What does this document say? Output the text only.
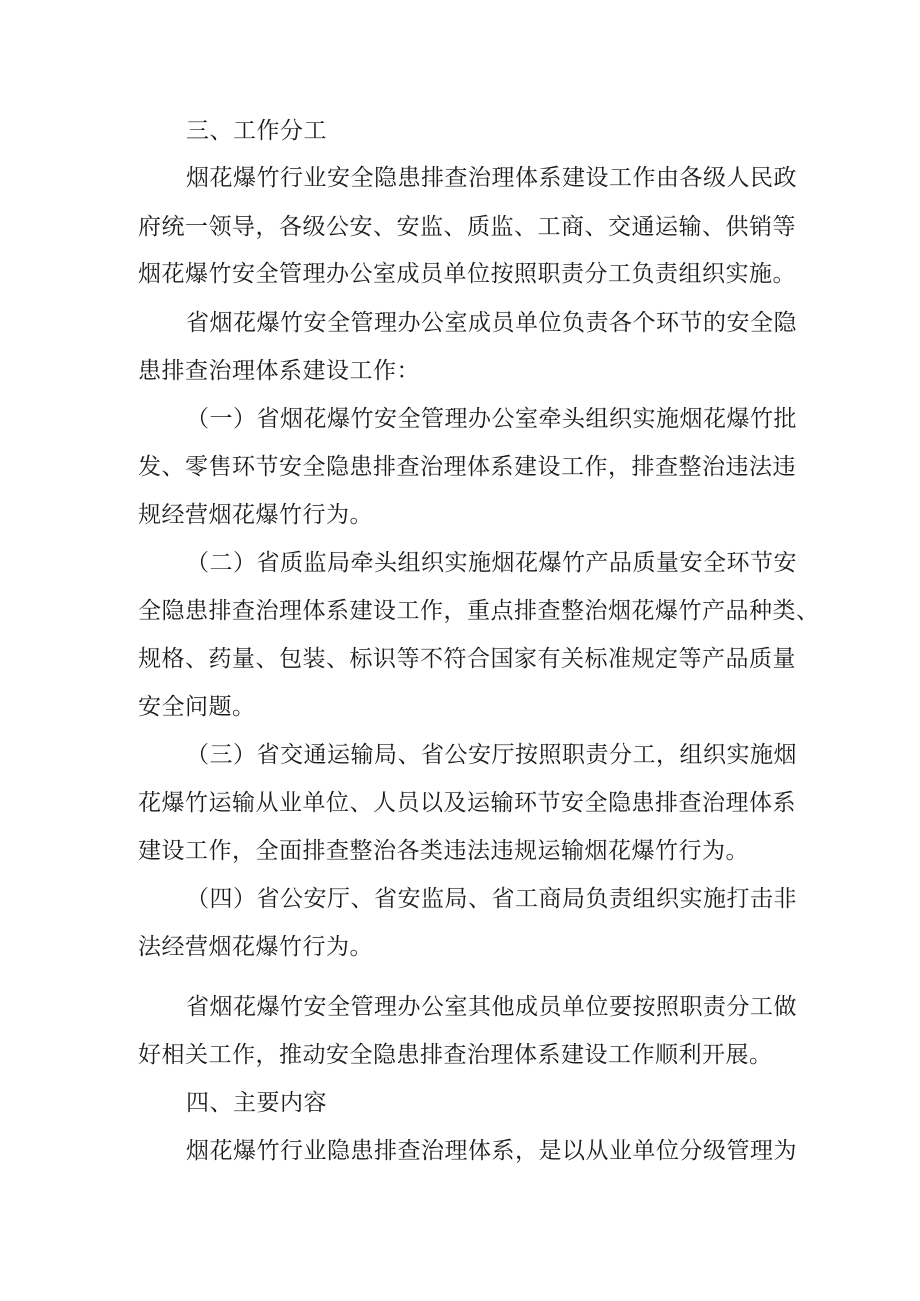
三、工作分工

烟花爆竹行业安全隐患排查治理体系建设工作由各级人民政

府统一领导，各级公安、安监、质监、工商、交通运输、供销等

烟花爆竹安全管理办公室成员单位按照职责分工负责组织实施。

省烟花爆竹安全管理办公室成员单位负责各个环节的安全隐

患排查治理体系建设工作：

（一）省烟花爆竹安全管理办公室牵头组织实施烟花爆竹批

发、零售环节安全隐患排查治理体系建设工作，排查整治违法违

规经营烟花爆竹行为。

（二）省质监局牵头组织实施烟花爆竹产品质量安全环节安

全隐患排查治理体系建设工作，重点排查整治烟花爆竹产品种类、

规格、药量、包装、标识等不符合国家有关标准规定等产品质量

安全问题。

（三）省交通运输局、省公安厅按照职责分工，组织实施烟

花爆竹运输从业单位、人员以及运输环节安全隐患排查治理体系

建设工作，全面排查整治各类违法违规运输烟花爆竹行为。

（四）省公安厅、省安监局、省工商局负责组织实施打击非

法经营烟花爆竹行为。

省烟花爆竹安全管理办公室其他成员单位要按照职责分工做

好相关工作，推动安全隐患排查治理体系建设工作顺利开展。

四、主要内容

烟花爆竹行业隐患排查治理体系，是以从业单位分级管理为
